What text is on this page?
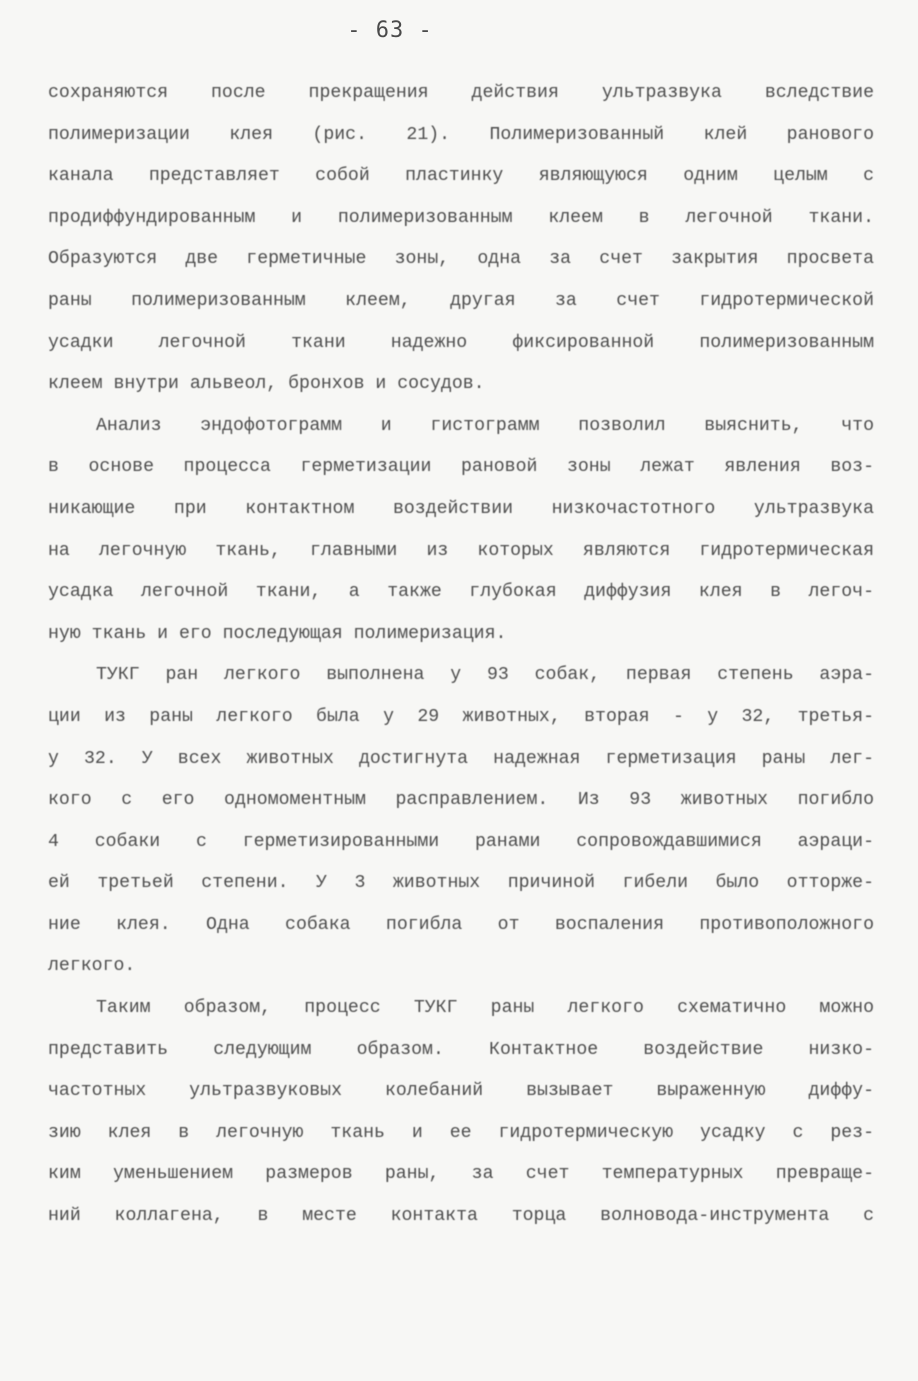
- 63 -
сохраняются после прекращения действия ультразвука вследствие
полимеризации клея (рис. 21). Полимеризованный клей ранового
канала представляет собой пластинку являющуюся одним целым с
продиффундированным и полимеризованным клеем в легочной ткани.
Образуются две герметичные зоны, одна за счет закрытия просвета
раны полимеризованным клеем, другая за счет гидротермической
усадки легочной ткани надежно фиксированной полимеризованным
клеем внутри альвеол, бронхов и сосудов.
Анализ эндофотограмм и гистограмм позволил выяснить, что
в основе процесса герметизации рановой зоны лежат явления воз-
никающие при контактном воздействии низкочастотного ультразвука
на легочную ткань, главными из которых являются гидротермическая
усадка легочной ткани, а также глубокая диффузия клея в легоч-
ную ткань и его последующая полимеризация.
ТУКГ ран легкого выполнена у 93 собак, первая степень аэра-
ции из раны легкого была у 29 животных, вторая - у 32, третья-
у 32. У всех животных достигнута надежная герметизация раны лег-
кого с его одномоментным расправлением. Из 93 животных погибло
4 собаки с герметизированными ранами сопровождавшимися аэраци-
ей третьей степени. У 3 животных причиной гибели было отторже-
ние клея. Одна собака погибла от воспаления противоположного
легкого.
Таким образом, процесс ТУКГ раны легкого схематично можно
представить следующим образом. Контактное воздействие низко-
частотных ультразвуковых колебаний вызывает выраженную диффу-
зию клея в легочную ткань и ее гидротермическую усадку с рез-
ким уменьшением размеров раны, за счет температурных превраще-
ний коллагена, в месте контакта торца волновода-инструмента с
